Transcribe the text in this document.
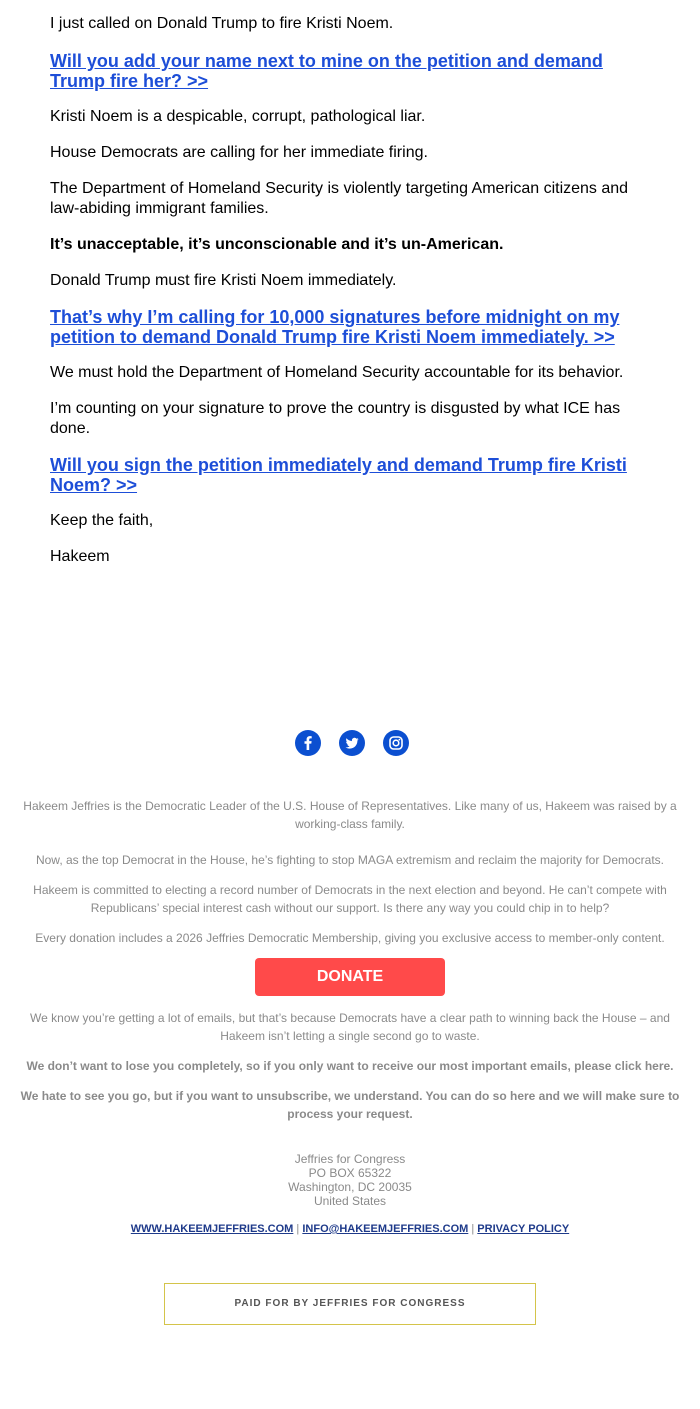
I just called on Donald Trump to fire Kristi Noem.

Will you add your name next to mine on the petition and demand Trump fire her? >>

Kristi Noem is a despicable, corrupt, pathological liar.

House Democrats are calling for her immediate firing.

The Department of Homeland Security is violently targeting American citizens and law-abiding immigrant families.

It’s unacceptable, it’s unconscionable and it’s un-American.

Donald Trump must fire Kristi Noem immediately.

That’s why I’m calling for 10,000 signatures before midnight on my petition to demand Donald Trump fire Kristi Noem immediately. >>

We must hold the Department of Homeland Security accountable for its behavior.

I’m counting on your signature to prove the country is disgusted by what ICE has done.

Will you sign the petition immediately and demand Trump fire Kristi Noem? >>

Keep the faith,

Hakeem

Hakeem Jeffries is the Democratic Leader of the U.S. House of Representatives. Like many of us, Hakeem was raised by a working-class family.

Now, as the top Democrat in the House, he’s fighting to stop MAGA extremism and reclaim the majority for Democrats.

Hakeem is committed to electing a record number of Democrats in the next election and beyond. He can’t compete with Republicans’ special interest cash without our support. Is there any way you could chip in to help?

Every donation includes a 2026 Jeffries Democratic Membership, giving you exclusive access to member-only content.

DONATE

We know you’re getting a lot of emails, but that’s because Democrats have a clear path to winning back the House – and Hakeem isn’t letting a single second go to waste.

We don’t want to lose you completely, so if you only want to receive our most important emails, please click here.

We hate to see you go, but if you want to unsubscribe, we understand. You can do so here and we will make sure to process your request.

Jeffries for Congress
PO BOX 65322
Washington, DC 20035
United States
WWW.HAKEEMJEFFRIES.COM | INFO@HAKEEMJEFFRIES.COM | PRIVACY POLICY
PAID FOR BY JEFFRIES FOR CONGRESS
